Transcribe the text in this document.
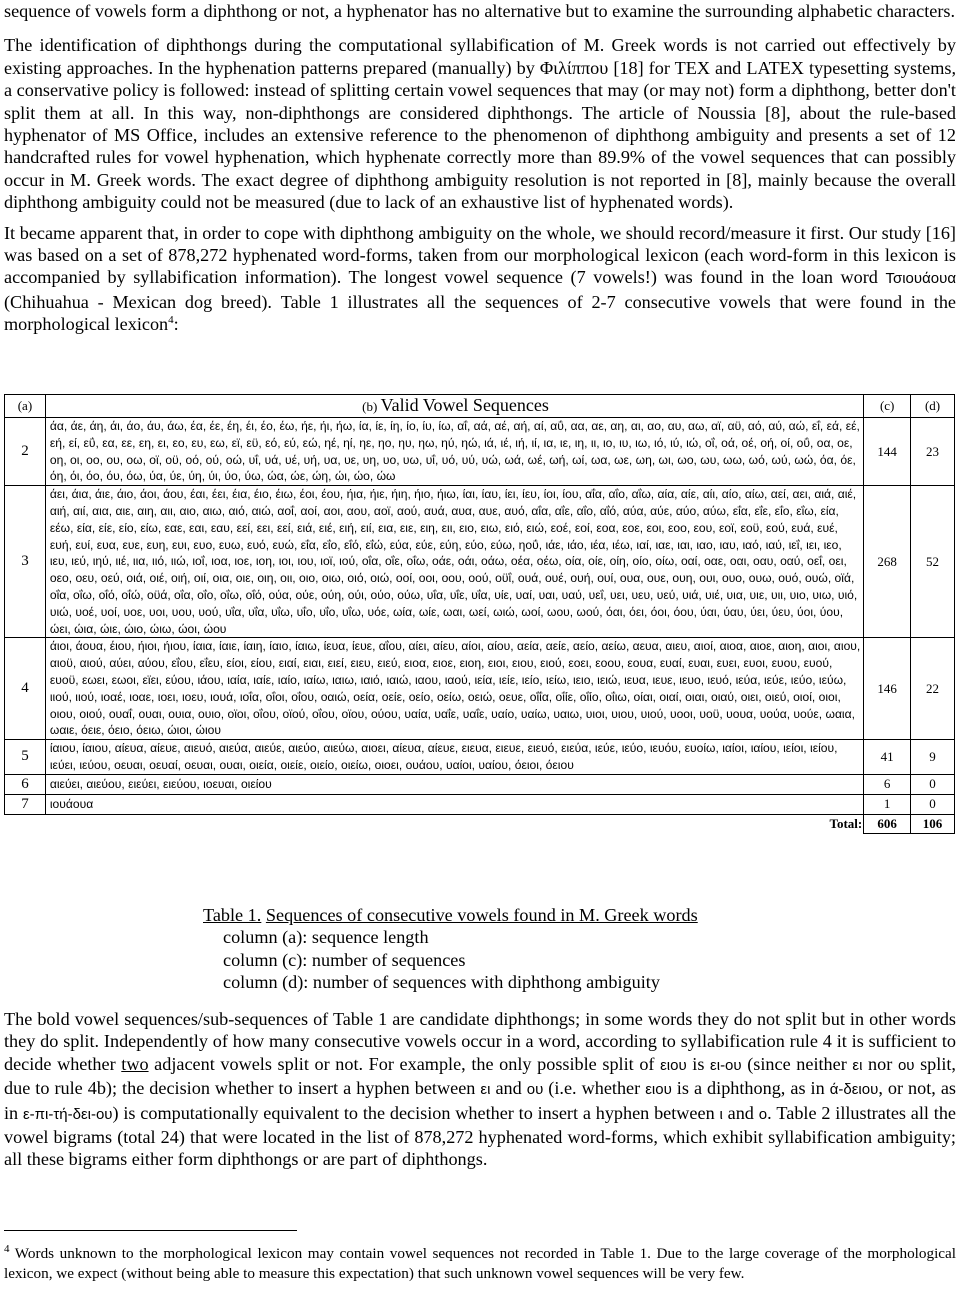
sequence of vowels form a diphthong or not, a hyphenator has no alternative but to examine the surrounding alphabetic characters.

The identification of diphthongs during the computational syllabification of M. Greek words is not carried out effectively by existing approaches. In the hyphenation patterns prepared (manually) by Φιλίππου [18] for TEX and LATEX typesetting systems, a conservative policy is followed: instead of splitting certain vowel sequences that may (or may not) form a diphthong, better don't split them at all. In this way, non-diphthongs are considered diphthongs. The article of Noussia [8], about the rule-based hyphenator of MS Office, includes an extensive reference to the phenomenon of diphthong ambiguity and presents a set of 12 handcrafted rules for vowel hyphenation, which hyphenate correctly more than 89.9% of the vowel sequences that can possibly occur in M. Greek words. The exact degree of diphthong ambiguity resolution is not reported in [8], mainly because the overall diphthong ambiguity could not be measured (due to lack of an exhaustive list of hyphenated words).

It became apparent that, in order to cope with diphthong ambiguity on the whole, we should record/measure it first. Our study [16] was based on a set of 878,272 hyphenated word-forms, taken from our morphological lexicon (each word-form in this lexicon is accompanied by syllabification information). The longest vowel sequence (7 vowels!) was found in the loan word Τσιουάουα (Chihuahua - Mexican dog breed). Table 1 illustrates all the sequences of 2-7 consecutive vowels that were found in the morphological lexicon$^4$:

(a)	(b) Valid Vowel Sequences	(c)	(d)
2	άα, άε, άη, άι, άο, άυ, άω, έα, έε, έη, έι, έο, έω, ήε, ήι, ήω, ία, ίε, ίη, ίο, ίυ, ίω, αΐ, αά, αέ, αή, αί, αΰ, αα, αε, αη, αι, αο, αυ, αω, αϊ, αϋ, αό, αύ, αώ, εΐ, εά, εέ, εή, εί, εΰ, εα, εε, εη, ει, εο, ευ, εω, εϊ, εϋ, εό, εύ, εώ, ηέ, ηί, ηε, ηο, ηυ, ηω, ηύ, ηώ, ιά, ιέ, ιή, ιί, ια, ιε, ιη, ιι, ιο, ιυ, ιω, ιό, ιύ, ιώ, οΐ, οά, οέ, οή, οί, οΰ, οα, οε, οη, οι, οο, ου, οω, οϊ, οϋ, οό, ού, οώ, υΐ, υά, υέ, υή, υα, υε, υη, υο, υω, υΐ, υό, υύ, υώ, ωά, ωέ, ωή, ωί, ωα, ωε, ωη, ωι, ωο, ωυ, ωω, ωό, ωύ, ωώ, όα, όε, όη, όι, όο, όυ, όω, ύα, ύε, ύη, ύι, ύο, ύω, ώα, ώε, ώη, ώι, ώο, ώω	144	23
3	άει, άια, άιε, άιο, άοι, άου, έαι, έει, έια, έιο, έιω, έοι, έου, ήια, ήιε, ήιη, ήιο, ήιω, ίαι, ίαυ, ίει, ίευ, ίοι, ίου, αΐα, αΐο, αΐω, αία, αίε, αίι, αίο, αίω, αεί, αει, αιά, αιέ, αιή, αιί, αια, αιε, αιη, αιι, αιο, αιω, αιό, αιώ, αοΐ, αοί, αοι, αου, αοϊ, αού, αυά, αυα, αυε, αυό, αΐα, αΐε, αΐο, αΐό, αύα, αύε, αύο, αύω, εΐα, εΐε, εΐο, εΐω, εία, εέω, εία, είε, είο, είω, εαε, εαι, εαυ, εεί, εει, εεί, ειά, ειέ, ειή, ειί, εια, ειε, ειη, ειι, ειο, ειω, ειό, ειώ, εοέ, εοί, εοα, εοε, εοι, εοο, εου, εοϊ, εοϋ, εού, ευά, ευέ, ευή, ευί, ευα, ευε, ευη, ευι, ευο, ευω, ευό, ευώ, εΐα, εΐο, εΐό, εΐώ, εύα, εύε, εύη, εύο, εύω, ηοΰ, ιάε, ιάο, ιέα, ιέω, ιαί, ιαε, ιαι, ιαο, ιαυ, ιαό, ιαύ, ιεΐ, ιει, ιεο, ιευ, ιεύ, ιηύ, ιιέ, ιια, ιιό, ιιώ, ιοΐ, ιοα, ιοε, ιοη, ιοι, ιου, ιοϊ, ιού, οΐα, οΐε, οΐω, οάε, οάι, οάω, οέα, οέω, οία, οίε, οίη, οίο, οίω, οαί, οαε, οαι, οαυ, οαύ, οεΐ, οει, οεο, οευ, οεύ, οιά, οιέ, οιή, οιί, οια, οιε, οιη, οιι, οιο, οιω, οιό, οιώ, οοί, οοι, οου, οού, οϋΐ, ουά, ουέ, ουή, ουί, ουα, ουε, ουη, ουι, ουο, ουω, ουό, ουώ, οϊά, οΐα, οΐω, οΐό, οΐώ, οϋά, οΐα, οΐο, οΐω, οΐό, ούα, ούε, ούη, ούι, ούο, ούω, υΐα, υΐε, υΐα, υίε, υαί, υαι, υαύ, υεΐ, υει, υευ, υεύ, υιά, υιέ, υια, υιε, υιι, υιο, υιω, υιό, υιώ, υοέ, υοί, υοε, υοι, υου, υού, υΐα, υΐα, υΐω, υΐο, υΐο, υΐω, υόε, ωία, ωίε, ωαι, ωεί, ωιώ, ωοί, ωου, ωού, όαι, όει, όοι, όου, ύαι, ύαυ, ύει, ύευ, ύοι, ύου, ώει, ώια, ώιε, ώιο, ώιω, ώοι, ώου	268	52
4	άιοι, άουα, έιου, ήιοι, ήιου, ίαια, ίαιε, ίαιη, ίαιο, ίαιω, ίευα, ίευε, αΐου, αίει, αίευ, αίοι, αίου, αεία, αείε, αείο, αείω, αευα, αιευ, αιοί, αιοα, αιοε, αιοη, αιοι, αιου, αιοϋ, αιού, αύει, αύου, εΐου, εΐευ, είοι, είου, ειαί, ειαι, ειεί, ειευ, ειεύ, ειοα, ειοε, ειοη, ειοι, ειου, ειού, εοει, εοου, εουα, ευαί, ευαι, ευει, ευοι, ευου, ευού, ευοϋ, εωει, εωοι, εϊει, εύου, ιάου, ιαία, ιαίε, ιαίο, ιαίω, ιαιω, ιαιό, ιαιώ, ιαου, ιαού, ιεία, ιείε, ιείο, ιείω, ιειο, ιειώ, ιευα, ιευε, ιευο, ιευό, ιεύα, ιεύε, ιεύο, ιεύω, ιιού, ιιού, ιοαέ, ιοαε, ιοει, ιοευ, ιουά, ιοΐα, οΐοι, οΐου, οαιώ, οεία, οείε, οείο, οείω, οειώ, οευε, οΐΐα, οΐίε, οΐίο, οΐιω, οίαι, οιαί, οιαι, οιαύ, οιει, οιεύ, οιοί, οιοι, οιου, οιού, ουαΐ, ουαι, ουια, ουιο, οϊοι, οΐου, οϊού, οΐου, οϊου, ούου, υαία, υαΐε, υαΐε, υαίο, υαίω, υαιω, υιοι, υιου, υιού, υοοι, υοϋ, υουα, υούα, υούε, ωαια, ωαιε, όειε, όειο, όειω, ώιοι, ώιου	146	22
5	ίαιου, ίαιου, αίευα, αίευε, αιευό, αιεύα, αιεύε, αιεύο, αιεύω, αιοει, αίευα, αίευε, ειευα, ειευε, ειευό, ειεύα, ιεύε, ιεύο, ιευόυ, ευοίω, ιαίοι, ιαίου, ιείοι, ιείου, ιεύει, ιεύου, οευαι, οευαί, οευαι, ουαι, οιεία, οιείε, οιείο, οιείω, οιοει, ουάου, υαίοι, υαίου, όειοι, όειου	41	9
6	αιεύει, αιεύου, ειεύει, ειεύου, ιοευαι, οιείου	6	0
7	ιουάουα	1	0
Total:		606	106
Table 1. Sequences of consecutive vowels found in M. Greek words
column (a): sequence length
column (c): number of sequences
column (d): number of sequences with diphthong ambiguity

The bold vowel sequences/sub-sequences of Table 1 are candidate diphthongs; in some words they do not split but in other words they do split. Independently of how many consecutive vowels occur in a word, according to syllabification rule 4 it is sufficient to decide whether two adjacent vowels split or not. For example, the only possible split of ειου is ει-ου (since neither ει nor ου split, due to rule 4b); the decision whether to insert a hyphen between ει and ου (i.e. whether ειου is a diphthong, as in ά-δειου, or not, as in ε-πι-τή-δει-ου) is computationally equivalent to the decision whether to insert a hyphen between ι and ο. Table 2 illustrates all the vowel bigrams (total 24) that were located in the list of 878,272 hyphenated word-forms, which exhibit syllabification ambiguity; all these bigrams either form diphthongs or are part of diphthongs.

$^4$ Words unknown to the morphological lexicon may contain vowel sequences not recorded in Table 1. Due to the large coverage of the morphological lexicon, we expect (without being able to measure this expectation) that such unknown vowel sequences will be very few.
